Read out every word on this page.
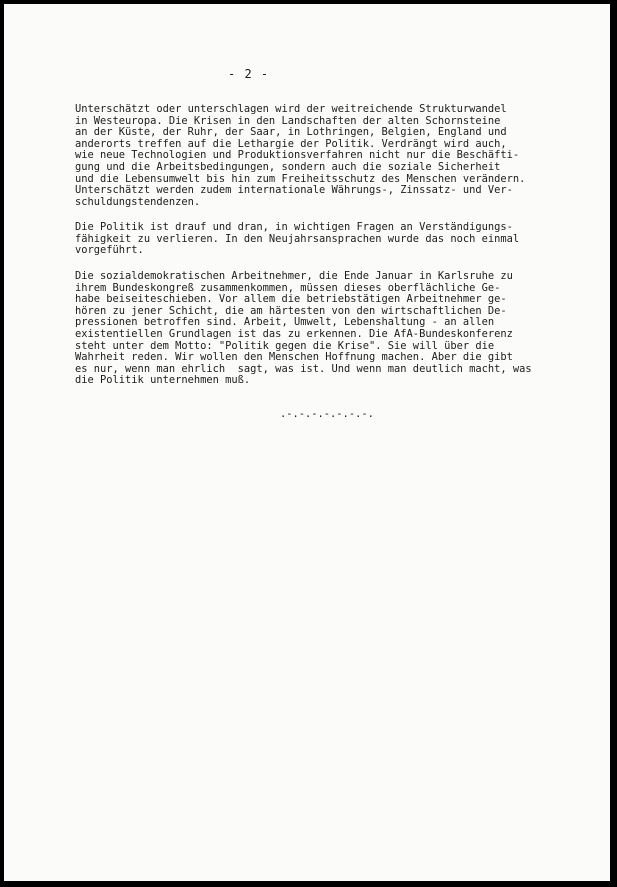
- 2 -
Unterschätzt oder unterschlagen wird der weitreichende Strukturwandel
in Westeuropa. Die Krisen in den Landschaften der alten Schornsteine
an der Küste, der Ruhr, der Saar, in Lothringen, Belgien, England und
anderorts treffen auf die Lethargie der Politik. Verdrängt wird auch,
wie neue Technologien und Produktionsverfahren nicht nur die Beschäfti-
gung und die Arbeitsbedingungen, sondern auch die soziale Sicherheit
und die Lebensumwelt bis hin zum Freiheitsschutz des Menschen verändern.
Unterschätzt werden zudem internationale Währungs-, Zinssatz- und Ver-
schuldungstendenzen.
Die Politik ist drauf und dran, in wichtigen Fragen an Verständigungs-
fähigkeit zu verlieren. In den Neujahrsansprachen wurde das noch einmal
vorgeführt.
Die sozialdemokratischen Arbeitnehmer, die Ende Januar in Karlsruhe zu
ihrem Bundeskongreß zusammenkommen, müssen dieses oberflächliche Ge-
habe beiseiteschieben. Vor allem die betriebstätigen Arbeitnehmer ge-
hören zu jener Schicht, die am härtesten von den wirtschaftlichen De-
pressionen betroffen sind. Arbeit, Umwelt, Lebenshaltung - an allen
existentiellen Grundlagen ist das zu erkennen. Die AfA-Bundeskonferenz
steht unter dem Motto: "Politik gegen die Krise". Sie will über die
Wahrheit reden. Wir wollen den Menschen Hoffnung machen. Aber die gibt
es nur, wenn man ehrlich  sagt, was ist. Und wenn man deutlich macht, was
die Politik unternehmen muß.
.-.-.-.-.-.-.-.
